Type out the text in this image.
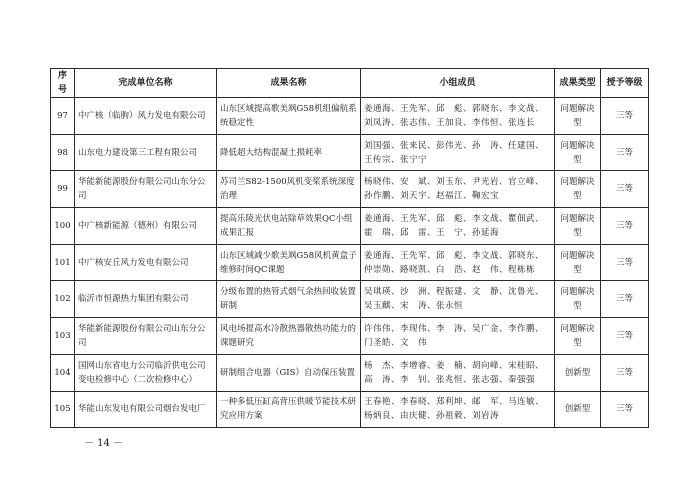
序号	完成单位名称	成果名称	小组成员	成果类型	授予等级
97	中广核（临朐）风力发电有限公司	山东区域提高歌美飒G58机组偏航系统稳定性	姜通海、王先军、邱　彪、郭晓东、李文战、刘凤涛、张志伟、王加良、李伟恒、张连长	问题解决型	三等
98	山东电力建设第三工程有限公司	降低超大结构混凝土损耗率	刘国强、张来民、彭伟光、孙　涛、任建国、王传宗、张宁宁	问题解决型	三等
99	华能新能源股份有限公司山东分公司	苏司兰S82-1500风机变桨系统深度治理	杨晓伟、安　斌、刘玉东、尹光岩、官立峰、孙作鹏、刘天宇、赵福江、鞠宏宝	问题解决型	三等
100	中广核新能源（德州）有限公司	提高乐陵光伏电站除草效果QC小组成果汇报	姜通海、王先军、邱　彪、李文战、瞿佃武、霍　瑞、邱　雷、王　宁、孙延海	问题解决型	三等
101	中广核安丘风力发电有限公司	山东区域减少歌美飒G58风机黄盒子维修时间QC课题	姜通海、王先军、邱　彪、李文战、郭晓东、仲崇勋、路晓凯、白　浩、赵　伟、程栋栋	问题解决型	三等
102	临沂市恒源热力集团有限公司	分级布置的热管式烟气余热回收装置研制	吴琪瑛、沙　洲、程振建、文　静、沈鲁光、吴玉麒、宋　涛、张永恒	问题解决型	三等
103	华能新能源股份有限公司山东分公司	风电场提高水冷散热器散热功能力的课题研究	许伟伟、李现伟、李　涛、吴广金、李作鹏、门圣皓、文　伟	问题解决型	三等
104	国网山东省电力公司临沂供电公司变电检修中心（二次检修中心）	研制组合电器（GIS）自动保压装置	杨　杰、李增睿、姜　楠、胡向峰、宋桂昭、高　涛、李　钊、张兆恒、张志强、秦强强	创新型	三等
105	华能山东发电有限公司烟台发电厂	一种多低压缸高背压供暖节能技术研究应用方案	王春艳、李春晓、郑利坤、邮　军、马连敏、杨炳良、由庆健、孙祖毅、刘岩涛	创新型	三等
－ 14 －
